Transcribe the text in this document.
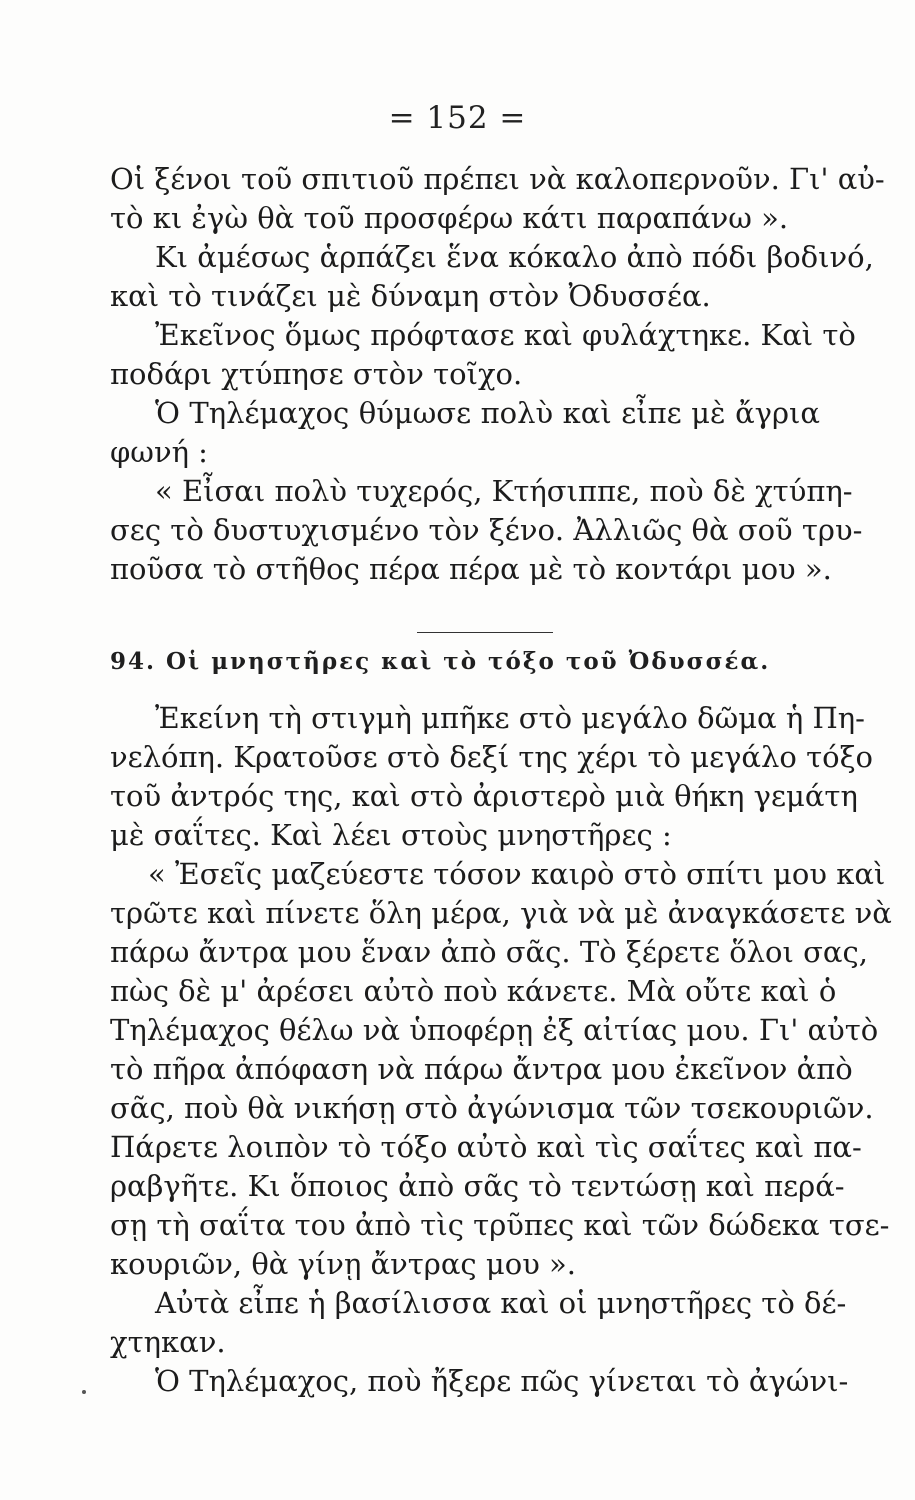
= 152 =
Οἱ ξένοι τοῦ σπιτιοῦ πρέπει νὰ καλοπερνοῦν. Γι' αὐ-
τὸ κι ἐγὼ θὰ τοῦ προσφέρω κάτι παραπάνω ».
Κι ἀμέσως ἁρπάζει ἕνα κόκαλο ἀπὸ πόδι βοδινό,
καὶ τὸ τινάζει μὲ δύναμη στὸν Ὀδυσσέα.
Ἐκεῖνος ὅμως πρόφτασε καὶ φυλάχτηκε. Καὶ τὸ
ποδάρι χτύπησε στὸν τοῖχο.
Ὁ Τηλέμαχος θύμωσε πολὺ καὶ εἶπε μὲ ἄγρια
φωνή :
« Εἶσαι πολὺ τυχερός, Κτήσιππε, ποὺ δὲ χτύπη-
σες τὸ δυστυχισμένο τὸν ξένο. Ἀλλιῶς θὰ σοῦ τρυ-
ποῦσα τὸ στῆθος πέρα πέρα μὲ τὸ κοντάρι μου ».
94. Οἱ μνηστῆρες καὶ τὸ τόξο τοῦ Ὀδυσσέα.
Ἐκείνη τὴ στιγμὴ μπῆκε στὸ μεγάλο δῶμα ἡ Πη-
νελόπη. Κρατοῦσε στὸ δεξί της χέρι τὸ μεγάλο τόξο
τοῦ ἀντρός της, καὶ στὸ ἀριστερὸ μιὰ θήκη γεμάτη
μὲ σαΐτες. Καὶ λέει στοὺς μνηστῆρες :
« Ἐσεῖς μαζεύεστε τόσον καιρὸ στὸ σπίτι μου καὶ
τρῶτε καὶ πίνετε ὅλη μέρα, γιὰ νὰ μὲ ἀναγκάσετε νὰ
πάρω ἄντρα μου ἕναν ἀπὸ σᾶς. Τὸ ξέρετε ὅλοι σας,
πὼς δὲ μ' ἀρέσει αὐτὸ ποὺ κάνετε. Μὰ οὔτε καὶ ὁ
Τηλέμαχος θέλω νὰ ὑποφέρῃ ἐξ αἰτίας μου. Γι' αὐτὸ
τὸ πῆρα ἀπόφαση νὰ πάρω ἄντρα μου ἐκεῖνον ἀπὸ
σᾶς, ποὺ θὰ νικήσῃ στὸ ἀγώνισμα τῶν τσεκουριῶν.
Πάρετε λοιπὸν τὸ τόξο αὐτὸ καὶ τὶς σαΐτες καὶ πα-
ραβγῆτε. Κι ὅποιος ἀπὸ σᾶς τὸ τεντώσῃ καὶ περά-
σῃ τὴ σαΐτα του ἀπὸ τὶς τρῦπες καὶ τῶν δώδεκα τσε-
κουριῶν, θὰ γίνῃ ἄντρας μου ».
Αὐτὰ εἶπε ἡ βασίλισσα καὶ οἱ μνηστῆρες τὸ δέ-
χτηκαν.
Ὁ Τηλέμαχος, ποὺ ἤξερε πῶς γίνεται τὸ ἀγώνι-
